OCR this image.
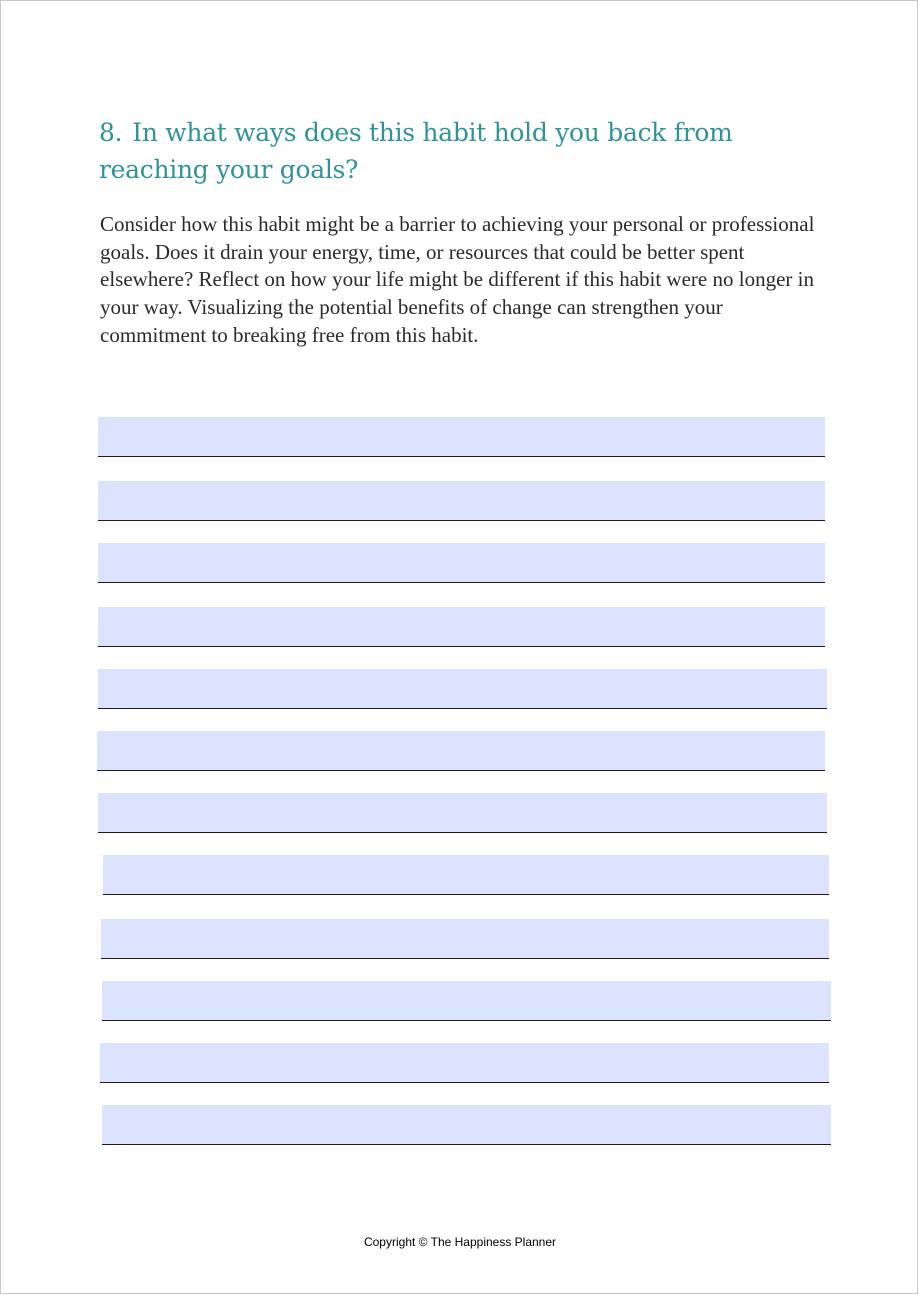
8. In what ways does this habit hold you back from reaching your goals?

Consider how this habit might be a barrier to achieving your personal or professional goals. Does it drain your energy, time, or resources that could be better spent elsewhere? Reflect on how your life might be different if this habit were no longer in your way. Visualizing the potential benefits of change can strengthen your commitment to breaking free from this habit.

Copyright © The Happiness Planner
